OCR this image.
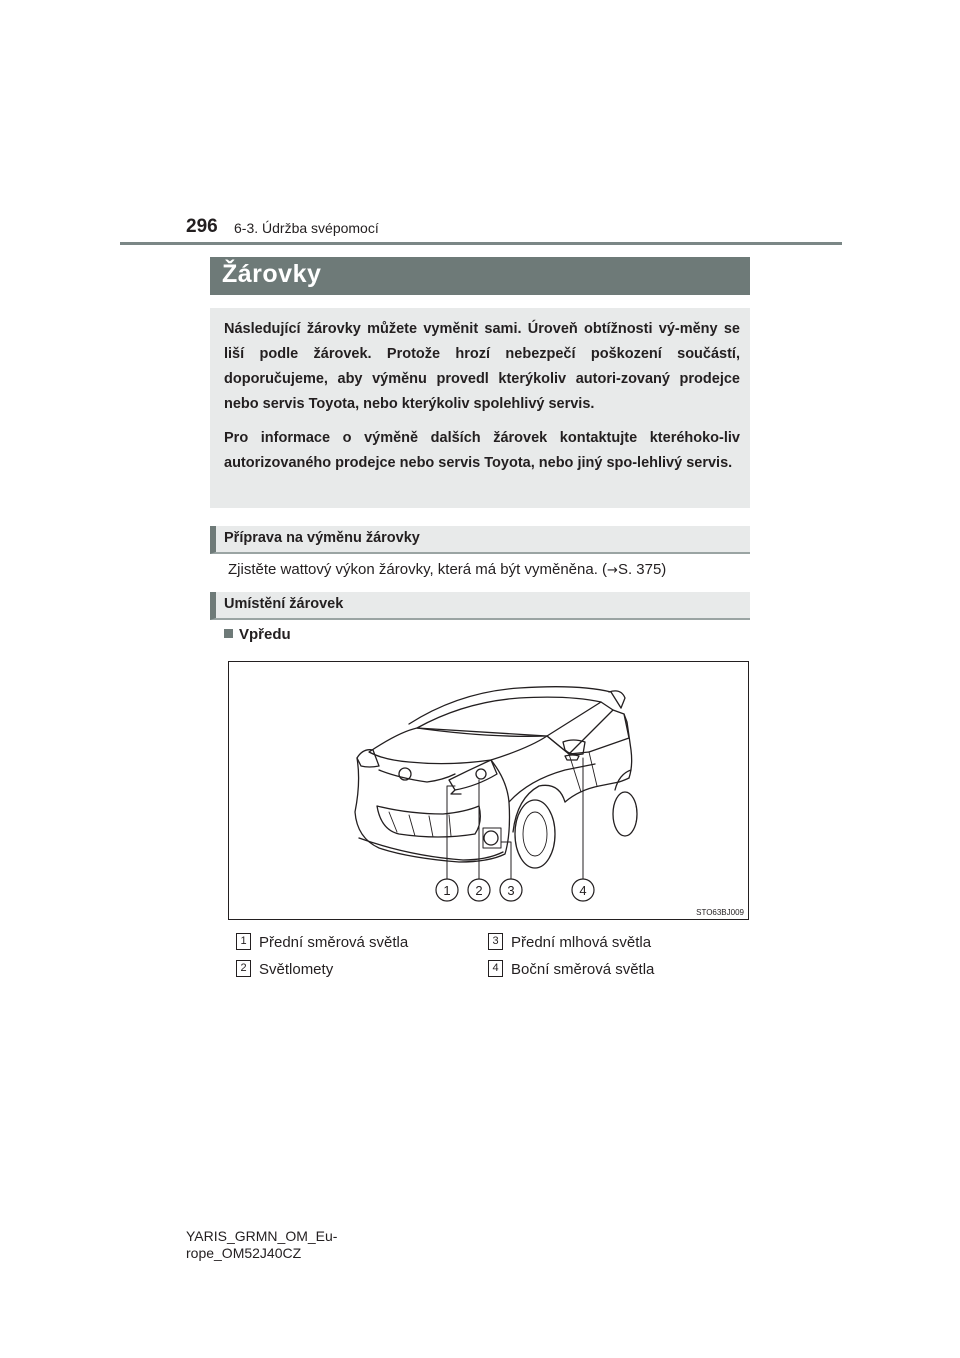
296 6-3. Údržba svépomocí
Žárovky

Následující žárovky můžete vyměnit sami. Úroveň obtížnosti vý-měny se liší podle žárovek. Protože hrozí nebezpečí poškození součástí, doporučujeme, aby výměnu provedl kterýkoliv autori-zovaný prodejce nebo servis Toyota, nebo kterýkoliv spolehlivý servis.

Pro informace o výměně dalších žárovek kontaktujte kteréhoko-liv autorizovaného prodejce nebo servis Toyota, nebo jiný spo-lehlivý servis.

Příprava na výměnu žárovky
Zjistěte wattový výkon žárovky, která má být vyměněna. (→S. 375)
Umístění žárovek
Vpředu
1 2 3	4
STO63BJ009
1 Přední směrová světla
2 Světlomety
3 Přední mlhová světla
4 Boční směrová světla
YARIS_GRMN_OM_Eu-
rope_OM52J40CZ
